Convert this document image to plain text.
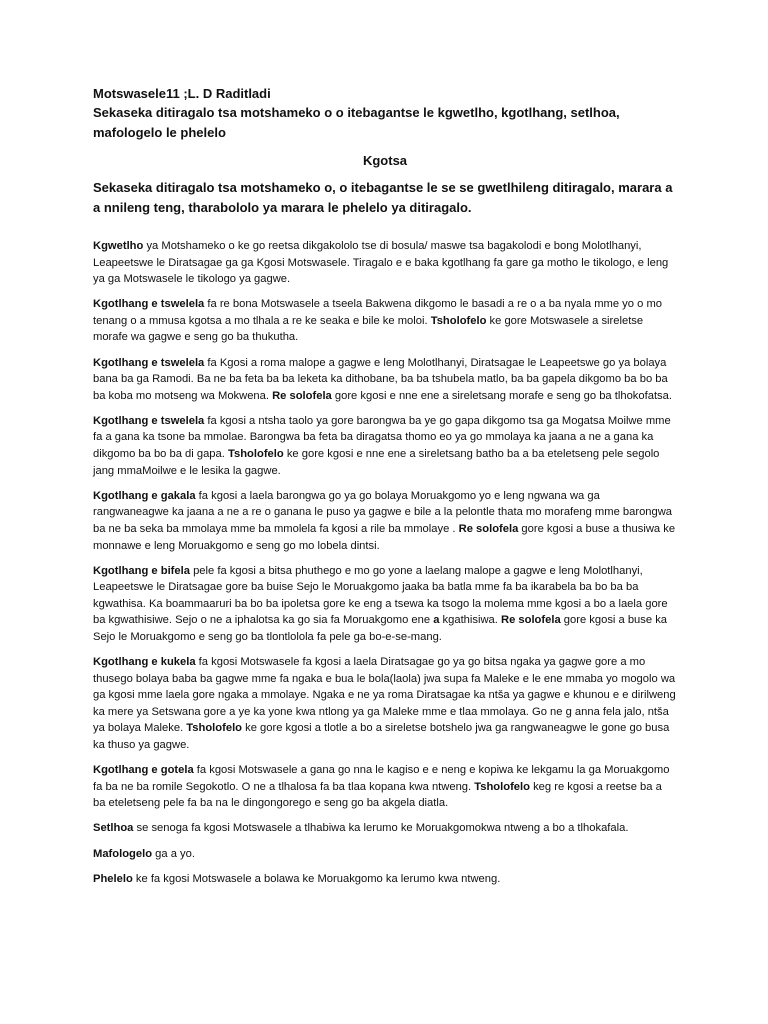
Motswasele11 ;L. D Raditladi

Sekaseka ditiragalo tsa motshameko o o itebagantse le kgwetlho, kgotlhang, setlhoa, mafologelo le phelelo

Kgotsa

Sekaseka ditiragalo tsa motshameko o, o itebagantse le se se gwetlhileng ditiragalo, marara a a nnileng teng, tharabololo ya marara le phelelo ya ditiragalo.

Kgwetlho ya Motshameko o ke go reetsa dikgakololo tse di bosula/ maswe tsa bagakolodi e bong Molotlhanyi, Leapeetswe le Diratsagae ga ga Kgosi Motswasele. Tiragalo e e baka kgotlhang fa gare ga motho le tikologo, e leng ya ga Motswasele le tikologo ya gagwe.

Kgotlhang e tswelela fa re bona Motswasele a tseela Bakwena dikgomo le basadi a re o a ba nyala mme yo o mo tenang o a mmusa kgotsa a mo tlhala a re ke seaka e bile ke moloi. Tsholofelo ke gore Motswasele a sireletse morafe wa gagwe e seng go ba thukutha.

Kgotlhang e tswelela fa Kgosi a roma malope a gagwe e leng Molotlhanyi, Diratsagae le Leapeetswe go ya bolaya bana ba ga Ramodi. Ba ne ba feta ba ba leketa ka dithobane, ba ba tshubela matlo, ba ba gapela dikgomo ba bo ba ba koba mo motseng wa Mokwena. Re solofela gore kgosi e nne ene a sireletsang morafe e seng go ba tlhokofatsa.

Kgotlhang e tswelela fa kgosi a ntsha taolo ya gore barongwa ba ye go gapa dikgomo tsa ga Mogatsa Moilwe mme fa a gana ka tsone ba mmolae. Barongwa ba feta ba diragatsa thomo eo ya go mmolaya ka jaana a ne a gana ka dikgomo ba bo ba di gapa. Tsholofelo ke gore kgosi e nne ene a sireletsang batho ba a ba eteletseng pele segolo jang mmaMoilwe e le lesika la gagwe.

Kgotlhang e gakala fa kgosi a laela barongwa go ya go bolaya Moruakgomo yo e leng ngwana wa ga rangwaneagwe ka jaana a ne a re o ganana le puso ya gagwe e bile a la pelontle thata mo morafeng mme barongwa ba ne ba seka ba mmolaya mme ba mmolela fa kgosi a rile ba mmolaye . Re solofela gore kgosi a buse a thusiwa ke monnawe e leng Moruakgomo e seng go mo lobela dintsi.

Kgotlhang e bifela pele fa kgosi a bitsa phuthego e mo go yone a laelang malope a gagwe e leng Molotlhanyi, Leapeetswe le Diratsagae gore ba buise Sejo le Moruakgomo jaaka ba batla mme fa ba ikarabela ba bo ba ba kgwathisa. Ka boammaaruri ba bo ba ipoletsa gore ke eng a tsewa ka tsogo la molema mme kgosi a bo a laela gore ba kgwathisiwe. Sejo o ne a iphalotsa ka go sia fa Moruakgomo ene a kgathisiwa. Re solofela gore kgosi a buse ka Sejo le Moruakgomo e seng go ba tlontlolola fa pele ga bo-e-se-mang.

Kgotlhang e kukela fa kgosi Motswasele fa kgosi a laela Diratsagae go ya go bitsa ngaka ya gagwe gore a mo thusego bolaya baba ba gagwe mme fa ngaka e bua le bola(laola) jwa supa fa Maleke e le ene mmaba yo mogolo wa ga kgosi mme laela gore ngaka a mmolaye. Ngaka e ne ya roma Diratsagae ka ntša ya gagwe e khunou e e dirilweng ka mere ya Setswana gore a ye ka yone kwa ntlong ya ga Maleke mme e tlaa mmolaya. Go ne g anna fela jalo, ntša ya bolaya Maleke. Tsholofelo ke gore kgosi a tlotle a bo a sireletse botshelo jwa ga rangwaneagwe le gone go busa ka thuso ya gagwe.

Kgotlhang e gotela fa kgosi Motswasele a gana go nna le kagiso e e neng e kopiwa ke lekgamu la ga Moruakgomo fa ba ne ba romile Segokotlo. O ne a tlhalosa fa ba tlaa kopana kwa ntweng. Tsholofelo keg re kgosi a reetse ba a ba eteletseng pele fa ba na le dingongorego e seng go ba akgela diatla.

Setlhoa se senoga fa kgosi Motswasele a tlhabiwa ka lerumo ke Moruakgomokwa ntweng a bo a tlhokafala.

Mafologelo ga a yo.

Phelelo ke fa kgosi Motswasele a bolawa ke Moruakgomo ka lerumo kwa ntweng.
